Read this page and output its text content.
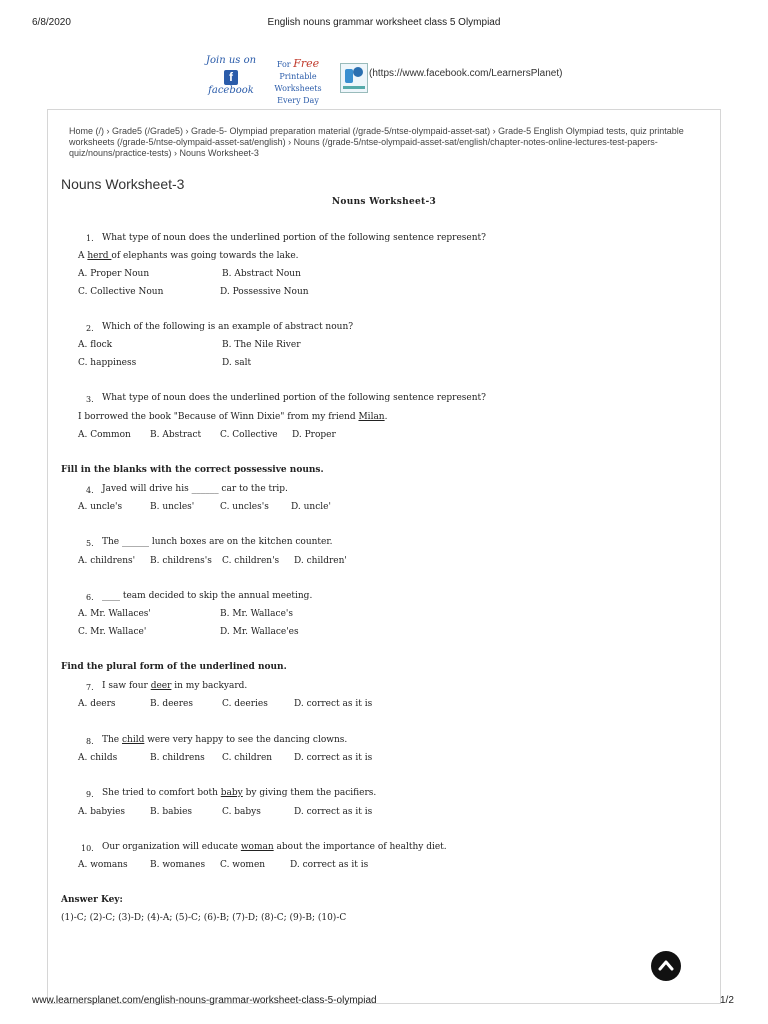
6/8/2020	English nouns grammar worksheet class 5 Olympiad
Join us on
f
facebook
For Free
Printable Worksheets
Every Day
(https://www.facebook.com/LearnersPlanet)
Home (/) › Grade5 (/Grade5) › Grade-5- Olympiad preparation material (/grade-5/ntse-olympaid-asset-sat) › Grade-5 English Olympiad tests, quiz printable worksheets (/grade-5/ntse-olympaid-asset-sat/english) › Nouns (/grade-5/ntse-olympaid-asset-sat/english/chapter-notes-online-lectures-test-papers-quiz/nouns/practice-tests) › Nouns Worksheet-3
Nouns Worksheet-3
Nouns Worksheet-3
1. What type of noun does the underlined portion of the following sentence represent?
A herd of elephants was going towards the lake.
A. Proper Noun	B. Abstract Noun
C. Collective Noun	D. Possessive Noun
2. Which of the following is an example of abstract noun?
A. flock	B. The Nile River
C. happiness	D. salt
3. What type of noun does the underlined portion of the following sentence represent?
I borrowed the book "Because of Winn Dixie" from my friend Milan.
A. Common B. Abstract C. Collective D. Proper
Fill in the blanks with the correct possessive nouns.
4. Javed will drive his ______ car to the trip.
A. uncle's	B. uncles'	C. uncles's D. uncle'
5. The ______ lunch boxes are on the kitchen counter.
A. childrens' B. childrens's C. children's D. children'
6. ____ team decided to skip the annual meeting.
A. Mr. Wallaces'	B. Mr. Wallace's
C. Mr. Wallace'	D. Mr. Wallace'es
Find the plural form of the underlined noun.
7. I saw four deer in my backyard.
A. deers	B. deeres	C. deeries	D. correct as it is
8. The child were very happy to see the dancing clowns.
A. childs	B. childrens C. children D. correct as it is
9. She tried to comfort both baby by giving them the pacifiers.
A. babyies	B. babies	C. babys	D. correct as it is
10. Our organization will educate woman about the importance of healthy diet.
A. womans B. womanes C. women	D. correct as it is
Answer Key:
(1)-C; (2)-C; (3)-D; (4)-A; (5)-C; (6)-B; (7)-D; (8)-C; (9)-B; (10)-C
www.learnersplanet.com/english-nouns-grammar-worksheet-class-5-olympiad	1/2
